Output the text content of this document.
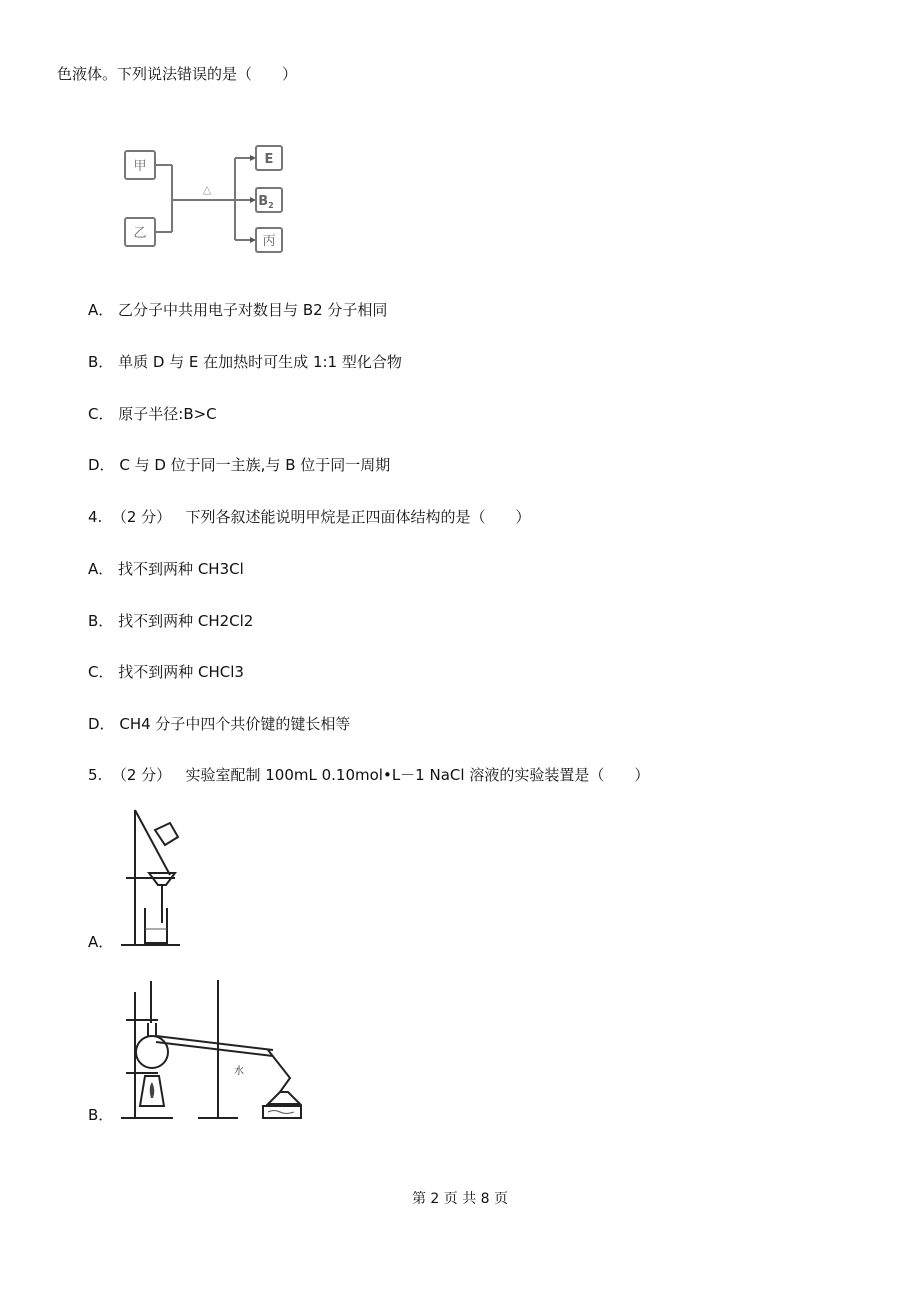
色液体。下列说法错误的是（　　）
甲
乙
△
E
$B_2$
丙
A． 乙分子中共用电子对数目与 B2 分子相同
B． 单质 D 与 E 在加热时可生成 1:1 型化合物
C． 原子半径:B>C
D． C 与 D 位于同一主族,与 B 位于同一周期
4. （2 分） 下列各叙述能说明甲烷是正四面体结构的是（　　）
A． 找不到两种 CH3Cl
B． 找不到两种 CH2Cl2
C． 找不到两种 CHCl3
D． CH4 分子中四个共价键的键长相等
5. （2 分） 实验室配制 100mL 0.10mol•L－1 NaCl 溶液的实验装置是（　　）
A．
水
B．
第 2 页 共 8 页
